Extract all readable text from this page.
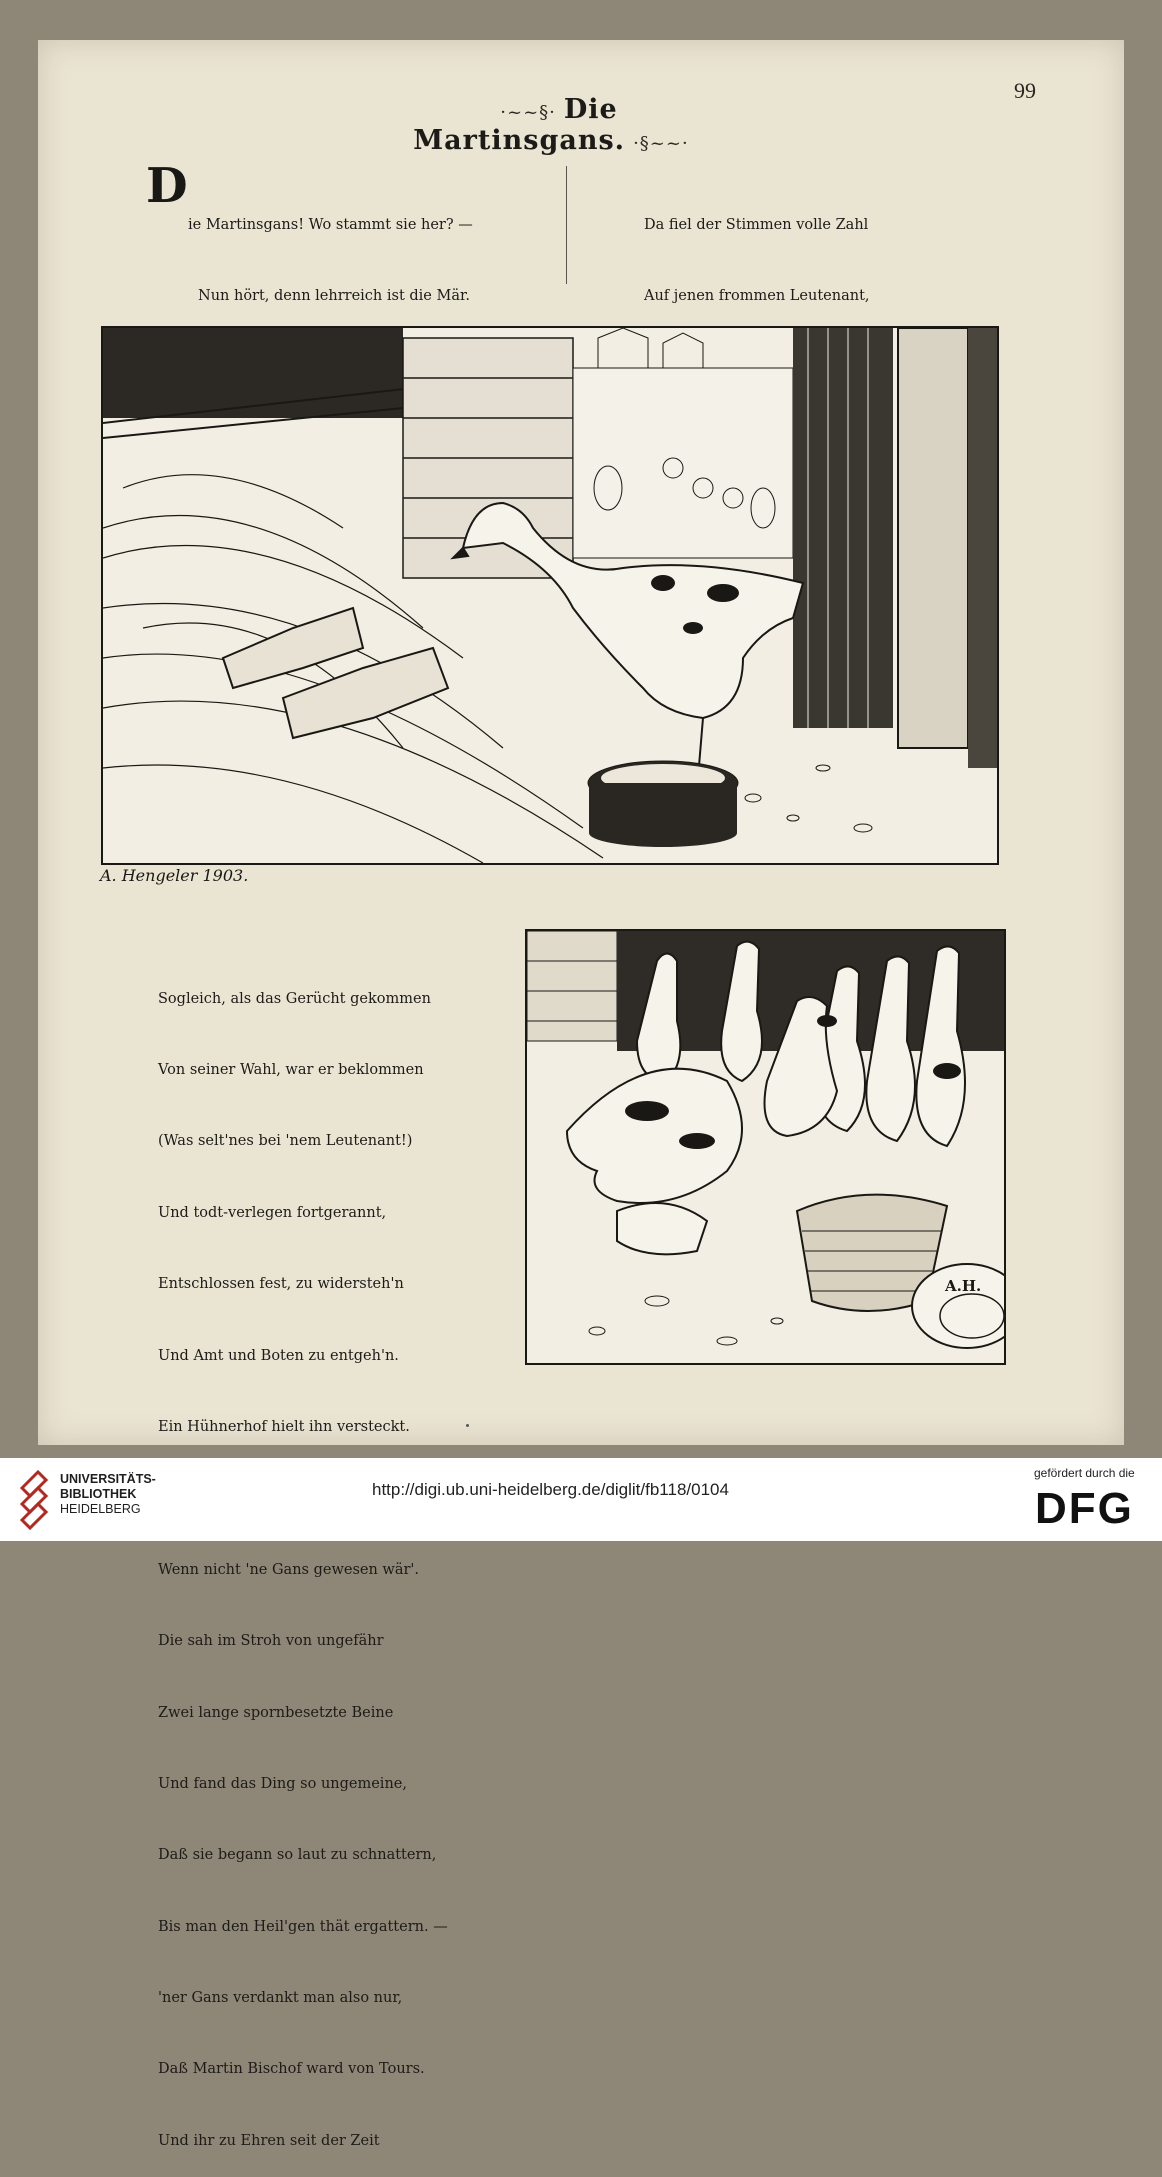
99
·~~§· Die Martinsgans. ·§~~·
D

ie Martinsgans! Wo stammt sie her? —

Nun hört, denn lehrreich ist die Mär.

Da fiel der Stimmen volle Zahl

Auf jenen frommen Leutenant,

A. Hengeler 1903.

Sogleich, als das Gerücht gekommen

Von seiner Wahl, war er beklommen

(Was selt'nes bei 'nem Leutenant!)

Und todt-verlegen fortgerannt,

Entschlossen fest, zu widersteh'n

Und Amt und Boten zu entgeh'n.

Ein Hühnerhof hielt ihn versteckt.

Wenn nicht 'ne Gans gewesen wär'.

Die sah im Stroh von ungefähr

Zwei lange spornbesetzte Beine

Und fand das Ding so ungemeine,

Daß sie begann so laut zu schnattern,

Bis man den Heil'gen thät ergattern. —

'ner Gans verdankt man also nur,

Daß Martin Bischof ward von Tours.

Und ihr zu Ehren seit der Zeit

A.H.
UNIVERSITÄTS-
BIBLIOTHEK
HEIDELBERG
http://digi.ub.uni-heidelberg.de/diglit/fb118/0104
gefördert durch die
DFG
